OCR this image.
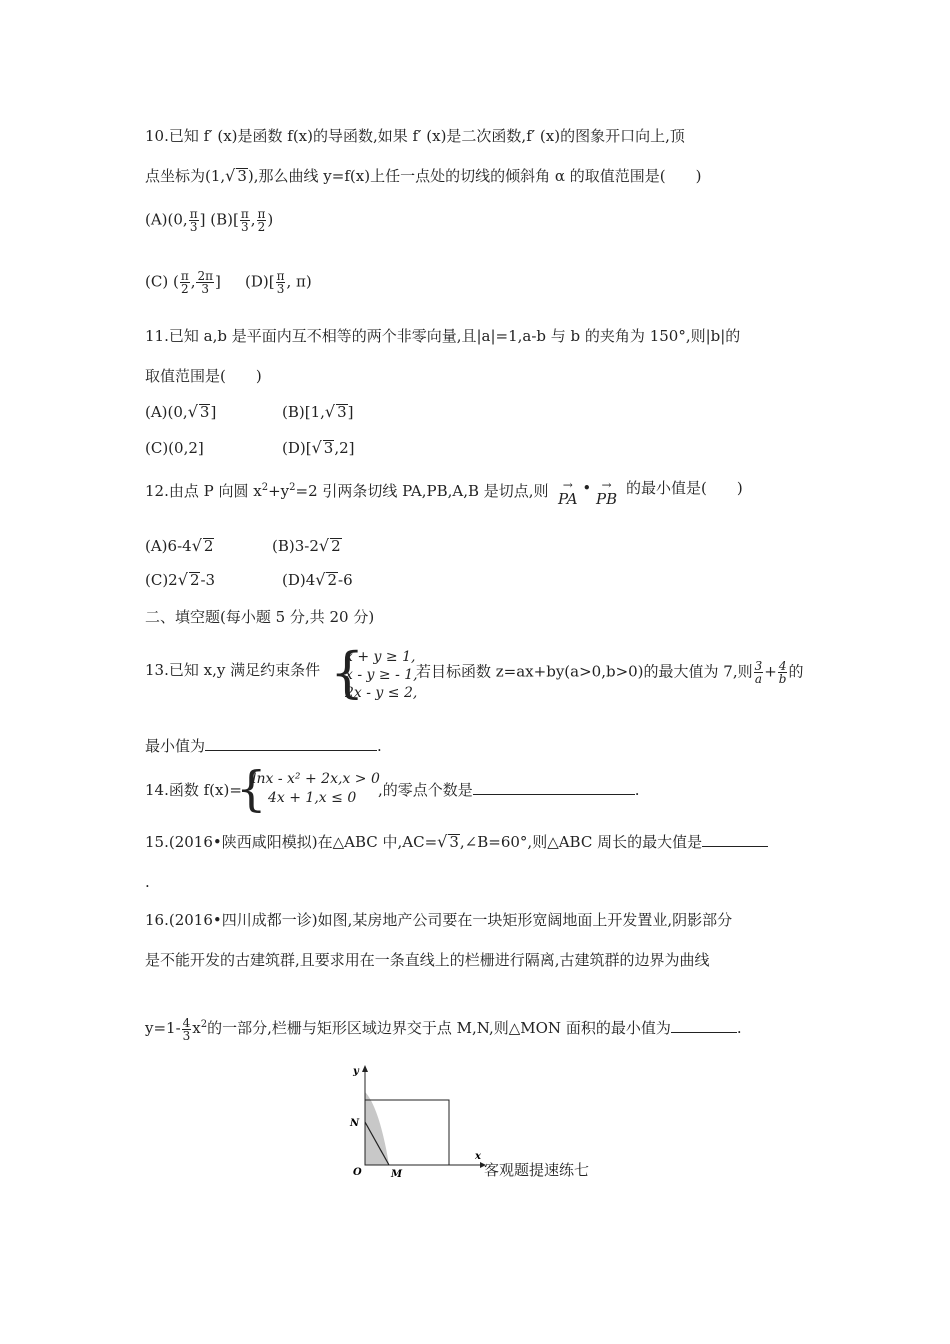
10.已知 f′ (x)是函数 f(x)的导函数,如果 f′ (x)是二次函数,f′ (x)的图象开口向上,顶
点坐标为(1,√ 3),那么曲线 y=f(x)上任一点处的切线的倾斜角 α 的取值范围是(　　)
(A)(0, $\frac{\pi}{3}$ ] $(B)[ \frac{\pi}{3}$ , $\frac{\pi}{2}$ )
(C) ( $\frac{\pi}{2}$ , $\frac{2\pi}{3}$ ] $(D)[ \frac{\pi}{3}$ , π)
11.已知 a,b 是平面内互不相等的两个非零向量,且|a|=1,a-b 与 b 的夹角为 150°,则|b|的
取值范围是(　　)
(A)(0,√ 3]	(B)[1,√ 3]
(C)(0,2]	(D)[√ 3,2]
12.由点 P 向圆 $x^2+y^2=2$ 引两条切线 PA,PB,A,B 是切点,则	→
PA • →
PB
的最小值是(　　)
(A)6-4√ 2	(B)3-2√ 2
(C)2√ 2-3	(D)4√ 2-6
二、填空题(每小题 5 分,共 20 分)
13.已知 x,y 满足约束条件 {
x + y ≥ 1,
x - y ≥ - 1,
2x - y ≤ 2,
若目标函数 z=ax+by(a>0,b>0)的最大值为 7,则 $\frac{3}{a} + \frac{4}{b}$ 的
最小值为	.
14.函数 f(x)=
{
lnx - x² + 2x,x > 0
4x + 1,x ≤ 0 ,的零点个数是	.
15.(2016•陕西咸阳模拟)在△ABC 中,AC=√ 3,∠B=60°,则△ABC 周长的最大值是
.
16.(2016•四川成都一诊)如图,某房地产公司要在一块矩形宽阔地面上开发置业,阴影部分
是不能开发的古建筑群,且要求用在一条直线上的栏栅进行隔离,古建筑群的边界为曲线
$y=1- \frac{4}{3} x^2$的一部分,栏栅与矩形区域边界交于点 M,N,则△MON 面积的最小值为	.
y
x
N
O	M	客观题提速练七
